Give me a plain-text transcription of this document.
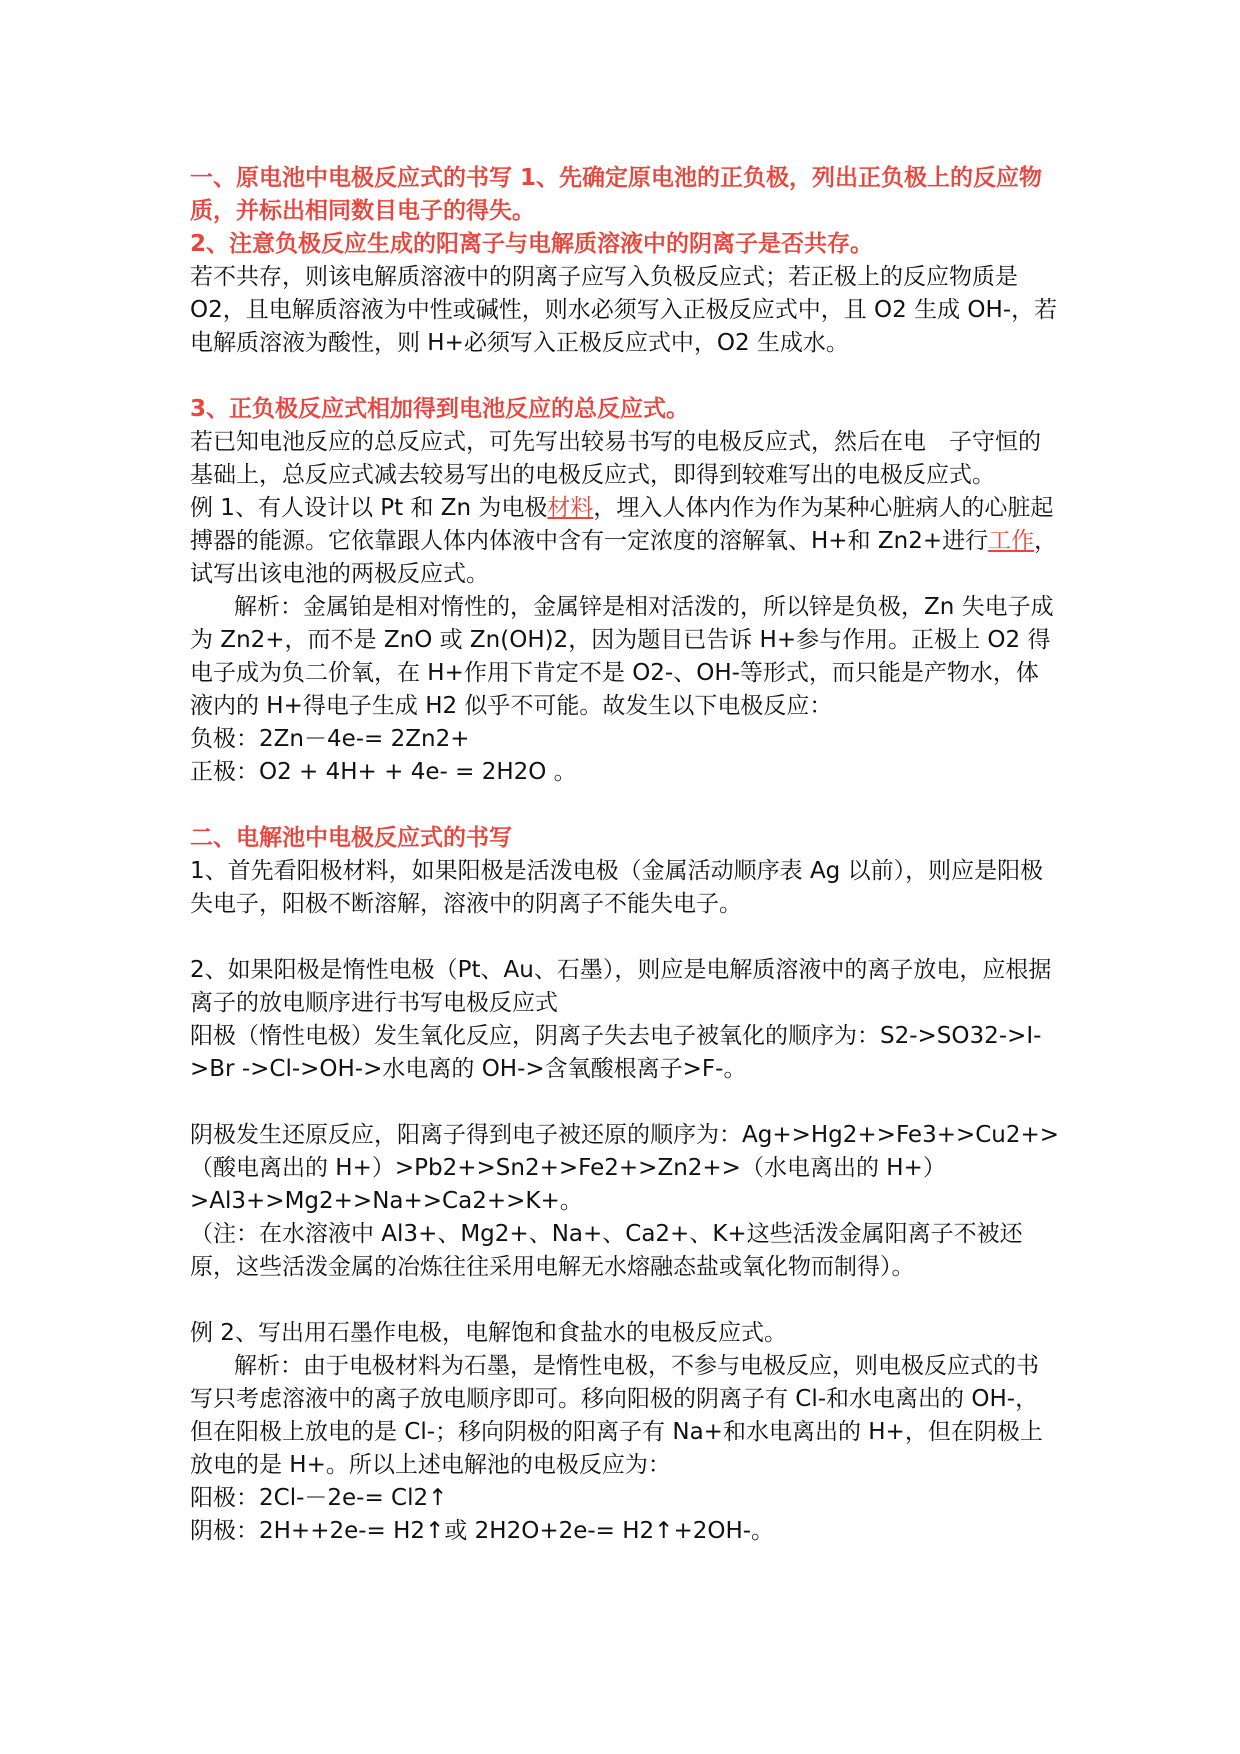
一、原电池中电极反应式的书写 1、先确定原电池的正负极，列出正负极上的反应物质，并标出相同数目电子的得失。

2、注意负极反应生成的阳离子与电解质溶液中的阴离子是否共存。

若不共存，则该电解质溶液中的阴离子应写入负极反应式；若正极上的反应物质是 O2，且电解质溶液为中性或碱性，则水必须写入正极反应式中，且 O2 生成 OH-，若电解质溶液为酸性，则 H+必须写入正极反应式中，O2 生成水。

3、正负极反应式相加得到电池反应的总反应式。

若已知电池反应的总反应式，可先写出较易书写的电极反应式，然后在电　子守恒的基础上，总反应式减去较易写出的电极反应式，即得到较难写出的电极反应式。

例 1、有人设计以 Pt 和 Zn 为电极材料，埋入人体内作为作为某种心脏病人的心脏起搏器的能源。它依靠跟人体内体液中含有一定浓度的溶解氧、H+和 Zn2+进行工作，试写出该电池的两极反应式。

解析：金属铂是相对惰性的，金属锌是相对活泼的，所以锌是负极，Zn 失电子成为 Zn2+，而不是 ZnO 或 Zn(OH)2，因为题目已告诉 H+参与作用。正极上 O2 得电子成为负二价氧，在 H+作用下肯定不是 O2-、OH-等形式，而只能是产物水，体液内的 H+得电子生成 H2 似乎不可能。故发生以下电极反应：

负极：2Zn－4e-= 2Zn2+

正极：O2 + 4H+ + 4e- = 2H2O 。

二、电解池中电极反应式的书写

1、首先看阳极材料，如果阳极是活泼电极（金属活动顺序表 Ag 以前），则应是阳极失电子，阳极不断溶解，溶液中的阴离子不能失电子。

2、如果阳极是惰性电极（Pt、Au、石墨），则应是电解质溶液中的离子放电，应根据离子的放电顺序进行书写电极反应式

阳极（惰性电极）发生氧化反应，阴离子失去电子被氧化的顺序为：S2->SO32->I->Br ->Cl->OH->水电离的 OH->含氧酸根离子>F-。

阴极发生还原反应，阳离子得到电子被还原的顺序为：Ag+>Hg2+>Fe3+>Cu2+>（酸电离出的 H+）>Pb2+>Sn2+>Fe2+>Zn2+>（水电离出的 H+）>Al3+>Mg2+>Na+>Ca2+>K+。

（注：在水溶液中 Al3+、Mg2+、Na+、Ca2+、K+这些活泼金属阳离子不被还原，这些活泼金属的冶炼往往采用电解无水熔融态盐或氧化物而制得）。

例 2、写出用石墨作电极，电解饱和食盐水的电极反应式。

解析：由于电极材料为石墨，是惰性电极，不参与电极反应，则电极反应式的书写只考虑溶液中的离子放电顺序即可。移向阳极的阴离子有 Cl-和水电离出的 OH-，但在阳极上放电的是 Cl-；移向阴极的阳离子有 Na+和水电离出的 H+，但在阴极上放电的是 H+。所以上述电解池的电极反应为：

阳极：2Cl-－2e-= Cl2↑

阴极：2H++2e-= H2↑或 2H2O+2e-= H2↑+2OH-。
